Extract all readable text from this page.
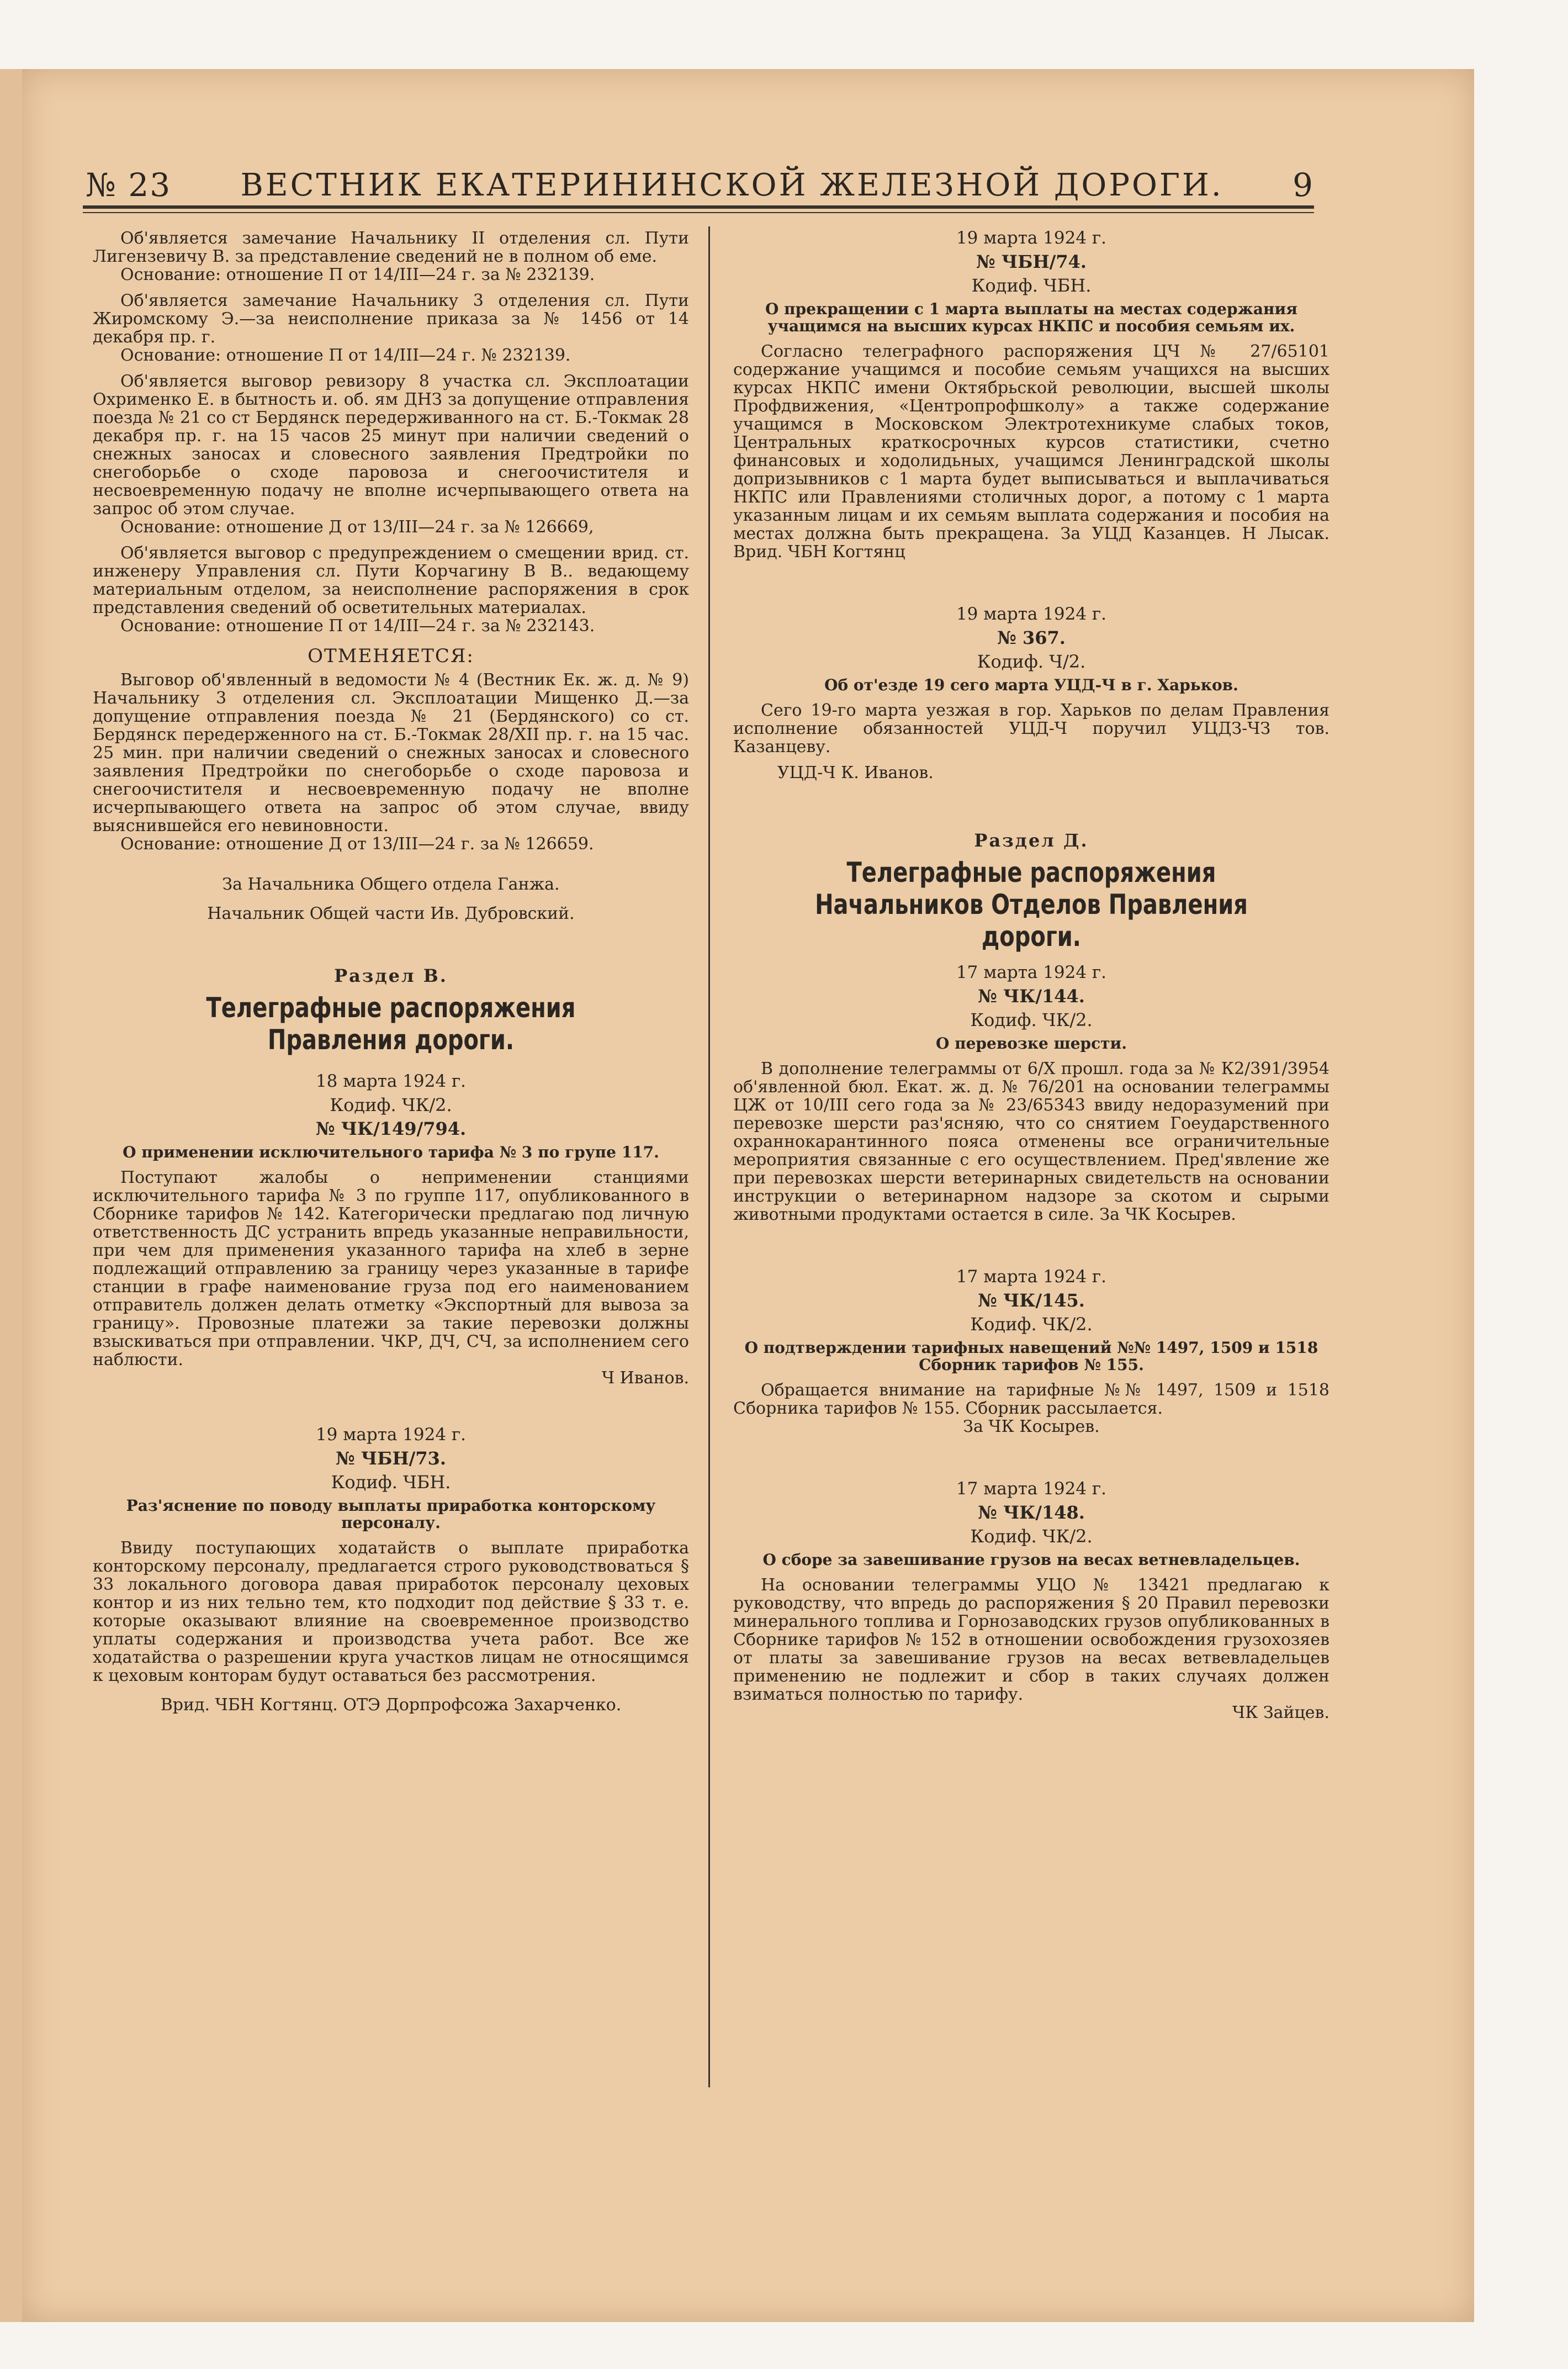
№ 23 ВЕСТНИК ЕКАТЕРИНИНСКОЙ ЖЕЛЕЗНОЙ ДОРОГИ. 9

Об'является замечание Начальнику II отделения сл. Пути Лигензевичу В. за представление сведений не в полном об еме.

Основание: отношение П от 14/III—24 г. за № 232139.

Об'является замечание Начальнику 3 отделения сл. Пути Жиромскому Э.—за неисполнение приказа за № 1456 от 14 декабря пр. г.

Основание: отношение П от 14/III—24 г. № 232139.

Об'является выговор ревизору 8 участка сл. Эксплоатации Охрименко Е. в бытность и. об. ям ДНЗ за допущение отправления поезда № 21 со ст Бердянск передерживанного на ст. Б.-Токмак 28 декабря пр. г. на 15 часов 25 минут при наличии сведений о снежных заносах и словесного заявления Предтройки по снегоборьбе о сходе паровоза и снегоочистителя и несвоевременную подачу не вполне исчерпывающего ответа на запрос об этом случае.

Основание: отношение Д от 13/III—24 г. за № 126669,

Об'является выговор с предупреждением о смещении врид. ст. инженеру Управления сл. Пути Корчагину В В.. ведающему материальным отделом, за неисполнение распоряжения в срок представления сведений об осветительных материалах.

Основание: отношение П от 14/III—24 г. за № 232143.

ОТМЕНЯЕТСЯ:

Выговор об'явленный в ведомости № 4 (Вестник Ек. ж. д. № 9) Начальнику 3 отделения сл. Эксплоатации Мищенко Д.—за допущение отправления поезда № 21 (Бердянского) со ст. Бердянск передерженного на ст. Б.-Токмак 28/XII пр. г. на 15 час. 25 мин. при наличии сведений о снежных заносах и словесного заявления Предтройки по снегоборьбе о сходе паровоза и снегоочистителя и несвоевременную подачу не вполне исчерпывающего ответа на запрос об этом случае, ввиду выяснившейся его невиновности.

Основание: отношение Д от 13/III—24 г. за № 126659.

За Начальника Общего отдела Ганжа.
Начальник Общей части Ив. Дубровский.
Раздел В.
Телеграфные распоряжения Правления дороги.
18 марта 1924 г.
Кодиф. ЧК/2.
№ ЧК/149/794.
О применении исключительного тарифа № 3 по групе 117.

Поступают жалобы о неприменении станциями исключительного тарифа № 3 по группе 117, опубликованного в Сборнике тарифов № 142. Категорически предлагаю под личную ответственность ДС устранить впредь указанные неправильности, при чем для применения указанного тарифа на хлеб в зерне подлежащий отправлению за границу через указанные в тарифе станции в графе наименование груза под его наименованием отправитель должен делать отметку «Экспортный для вывоза за границу». Провозные платежи за такие перевозки должны взыскиваться при отправлении. ЧКР, ДЧ, СЧ, за исполнением сего наблюсти.

Ч Иванов.
19 марта 1924 г.
№ ЧБН/73.
Кодиф. ЧБН.
Раз'яснение по поводу выплаты приработка конторскому персоналу.

Ввиду поступающих ходатайств о выплате приработка конторскому персоналу, предлагается строго руководствоваться § 33 локального договора давая приработок персоналу цеховых контор и из них тельно тем, кто подходит под действие § 33 т. е. которые оказывают влияние на своевременное производство уплаты содержания и производства учета работ. Все же ходатайства о разрешении круга участков лицам не относящимся к цеховым конторам будут оставаться без рассмотрения.

Врид. ЧБН Когтянц. ОТЭ Дорпрофсожа Захарченко.
19 марта 1924 г.
№ ЧБН/74.
Кодиф. ЧБН.
О прекращении с 1 марта выплаты на местах содержания учащимся на высших курсах НКПС и пособия семьям их.

Согласно телеграфного распоряжения ЦЧ № 27/65101 содержание учащимся и пособие семьям учащихся на высших курсах НКПС имени Октябрьской революции, высшей школы Профдвижения, «Центропрофшколу» а также содержание учащимся в Московском Электротехникуме слабых токов, Центральных краткосрочных курсов статистики, счетно финансовых и ходолидьных, учащимся Ленинградской школы допризывников с 1 марта будет выписываться и выплачиваться НКПС или Правлениями столичных дорог, а потому с 1 марта указанным лицам и их семьям выплата содержания и пособия на местах должна быть прекращена. За УЦД Казанцев. Н Лысак. Врид. ЧБН Когтянц

19 марта 1924 г.
№ 367.
Кодиф. Ч/2.
Об от'езде 19 сего марта УЦД-Ч в г. Харьков.

Сего 19-го марта уезжая в гор. Харьков по делам Правления исполнение обязанностей УЦД-Ч поручил УЦДЗ-ЧЗ тов. Казанцеву.

УЦД-Ч К. Иванов.
Раздел Д.
Телеграфные распоряжения Начальников Отделов Правления дороги.
17 марта 1924 г.
№ ЧК/144.
Кодиф. ЧК/2.
О перевозке шерсти.

В дополнение телеграммы от 6/X прошл. года за № К2/391/3954 об'явленной бюл. Екат. ж. д. № 76/201 на основании телеграммы ЦЖ от 10/III сего года за № 23/65343 ввиду недоразумений при перевозке шерсти раз'ясняю, что со снятием Гоеударственного охраннокарантинного пояса отменены все ограничительные мероприятия связанные с его осуществлением. Пред'явление же при перевозках шерсти ветеринарных свидетельств на основании инструкции о ветеринарном надзоре за скотом и сырыми животными продуктами остается в силе. За ЧК Косырев.

17 марта 1924 г.
№ ЧК/145.
Кодиф. ЧК/2.
О подтверждении тарифных навещений №№ 1497, 1509 и 1518 Сборник тарифов № 155.

Обращается внимание на тарифные №№ 1497, 1509 и 1518 Сборника тарифов № 155. Сборник рассылается.

За ЧК Косырев.
17 марта 1924 г.
№ ЧК/148.
Кодиф. ЧК/2.
О сборе за завешивание грузов на весах ветневладельцев.

На основании телеграммы УЦО № 13421 предлагаю к руководству, что впредь до распоряжения § 20 Правил перевозки минерального топлива и Горнозаводских грузов опубликованных в Сборнике тарифов № 152 в отношении освобождения грузохозяев от платы за завешивание грузов на весах ветвевладельцев применению не подлежит и сбор в таких случаях должен взиматься полностью по тарифу.

ЧК Зайцев.
